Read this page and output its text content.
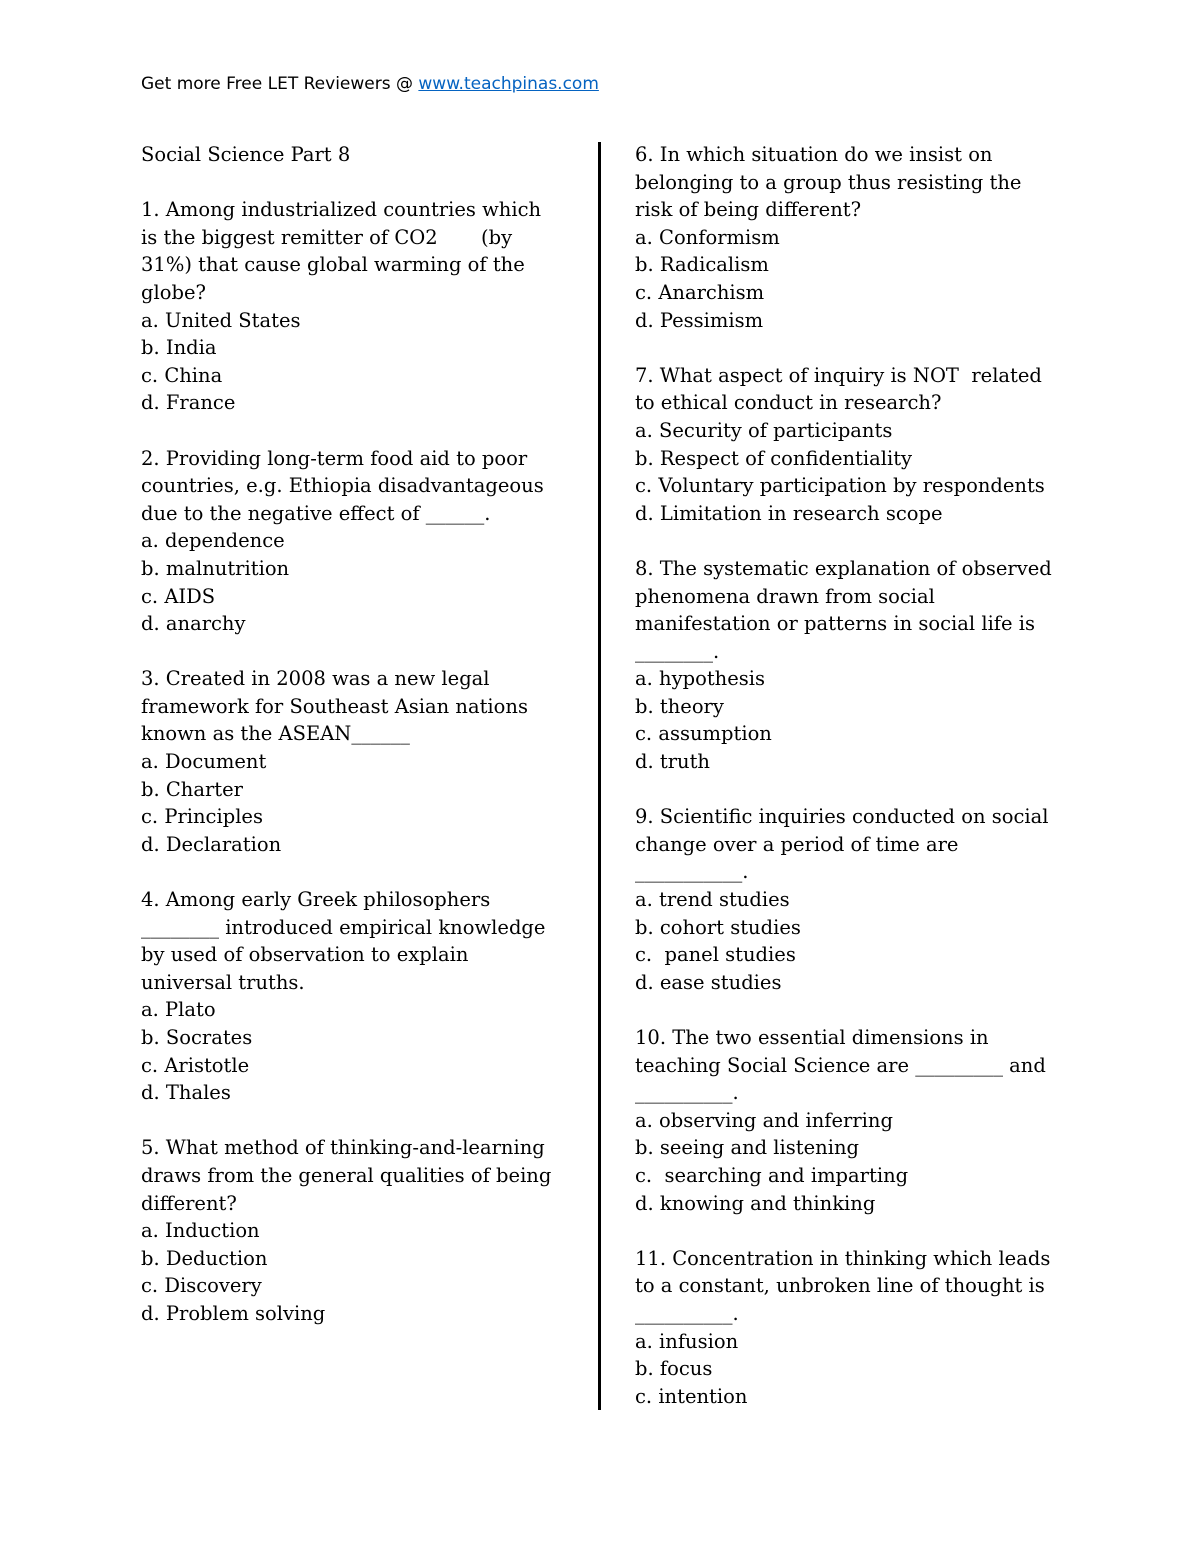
Get more Free LET Reviewers @ www.teachpinas.com
Social Science Part 8
1. Among industrialized countries which
is the biggest remitter of CO2       (by
31%) that cause global warming of the
globe?
a. United States
b. India
c. China
d. France
2. Providing long-term food aid to poor
countries, e.g. Ethiopia disadvantageous
due to the negative effect of ______.
a. dependence
b. malnutrition
c. AIDS
d. anarchy
3. Created in 2008 was a new legal
framework for Southeast Asian nations
known as the ASEAN______
a. Document
b. Charter
c. Principles
d. Declaration
4. Among early Greek philosophers
________ introduced empirical knowledge
by used of observation to explain
universal truths.
a. Plato
b. Socrates
c. Aristotle
d. Thales
5. What method of thinking-and-learning
draws from the general qualities of being
different?
a. Induction
b. Deduction
c. Discovery
d. Problem solving
6. In which situation do we insist on
belonging to a group thus resisting the
risk of being different?
a. Conformism
b. Radicalism
c. Anarchism
d. Pessimism
7. What aspect of inquiry is NOT  related
to ethical conduct in research?
a. Security of participants
b. Respect of confidentiality
c. Voluntary participation by respondents
d. Limitation in research scope
8. The systematic explanation of observed
phenomena drawn from social
manifestation or patterns in social life is
________.
a. hypothesis
b. theory
c. assumption
d. truth
9. Scientific inquiries conducted on social
change over a period of time are
___________.
a. trend studies
b. cohort studies
c.  panel studies
d. ease studies
10. The two essential dimensions in
teaching Social Science are _________ and
__________.
a. observing and inferring
b. seeing and listening
c.  searching and imparting
d. knowing and thinking
11. Concentration in thinking which leads
to a constant, unbroken line of thought is
__________.
a. infusion
b. focus
c. intention
